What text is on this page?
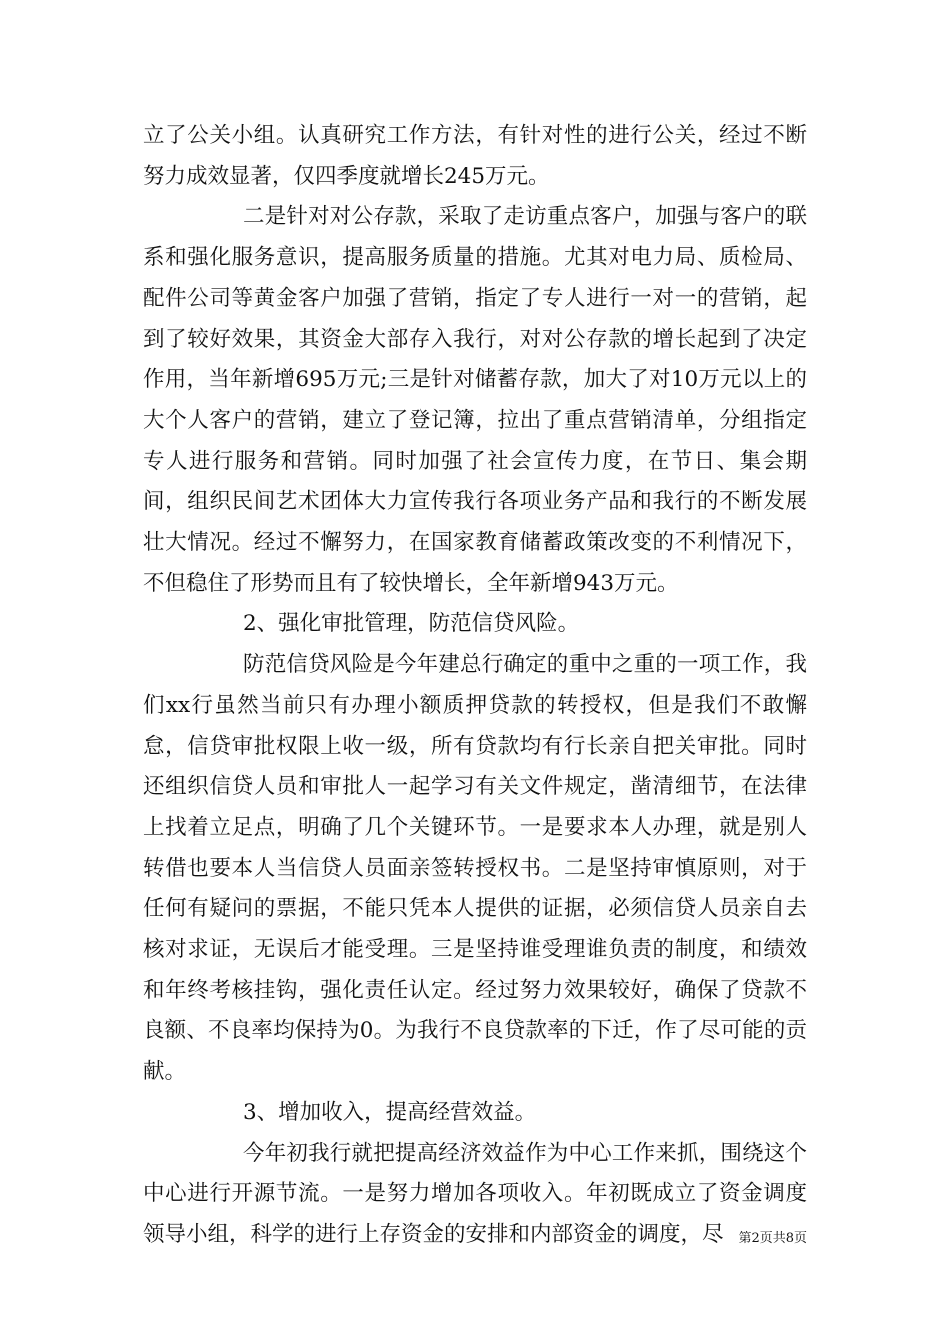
立了公关小组。认真研究工作方法，有针对性的进行公关，经过不断努力成效显著，仅四季度就增长245万元。

二是针对对公存款，采取了走访重点客户，加强与客户的联系和强化服务意识，提高服务质量的措施。尤其对电力局、质检局、配件公司等黄金客户加强了营销，指定了专人进行一对一的营销，起到了较好效果，其资金大部存入我行，对对公存款的增长起到了决定作用，当年新增695万元;三是针对储蓄存款，加大了对10万元以上的大个人客户的营销，建立了登记簿，拉出了重点营销清单，分组指定专人进行服务和营销。同时加强了社会宣传力度，在节日、集会期间，组织民间艺术团体大力宣传我行各项业务产品和我行的不断发展壮大情况。经过不懈努力，在国家教育储蓄政策改变的不利情况下，不但稳住了形势而且有了较快增长，全年新增943万元。

2、强化审批管理，防范信贷风险。

防范信贷风险是今年建总行确定的重中之重的一项工作，我们xx行虽然当前只有办理小额质押贷款的转授权，但是我们不敢懈怠，信贷审批权限上收一级，所有贷款均有行长亲自把关审批。同时还组织信贷人员和审批人一起学习有关文件规定，凿清细节，在法律上找着立足点，明确了几个关键环节。一是要求本人办理，就是别人转借也要本人当信贷人员面亲签转授权书。二是坚持审慎原则，对于任何有疑问的票据，不能只凭本人提供的证据，必须信贷人员亲自去核对求证，无误后才能受理。三是坚持谁受理谁负责的制度，和绩效和年终考核挂钩，强化责任认定。经过努力效果较好，确保了贷款不良额、不良率均保持为0。为我行不良贷款率的下迁，作了尽可能的贡献。

3、增加收入，提高经营效益。

今年初我行就把提高经济效益作为中心工作来抓，围绕这个中心进行开源节流。一是努力增加各项收入。年初既成立了资金调度领导小组，科学的进行上存资金的安排和内部资金的调度，尽	第2页共8页
